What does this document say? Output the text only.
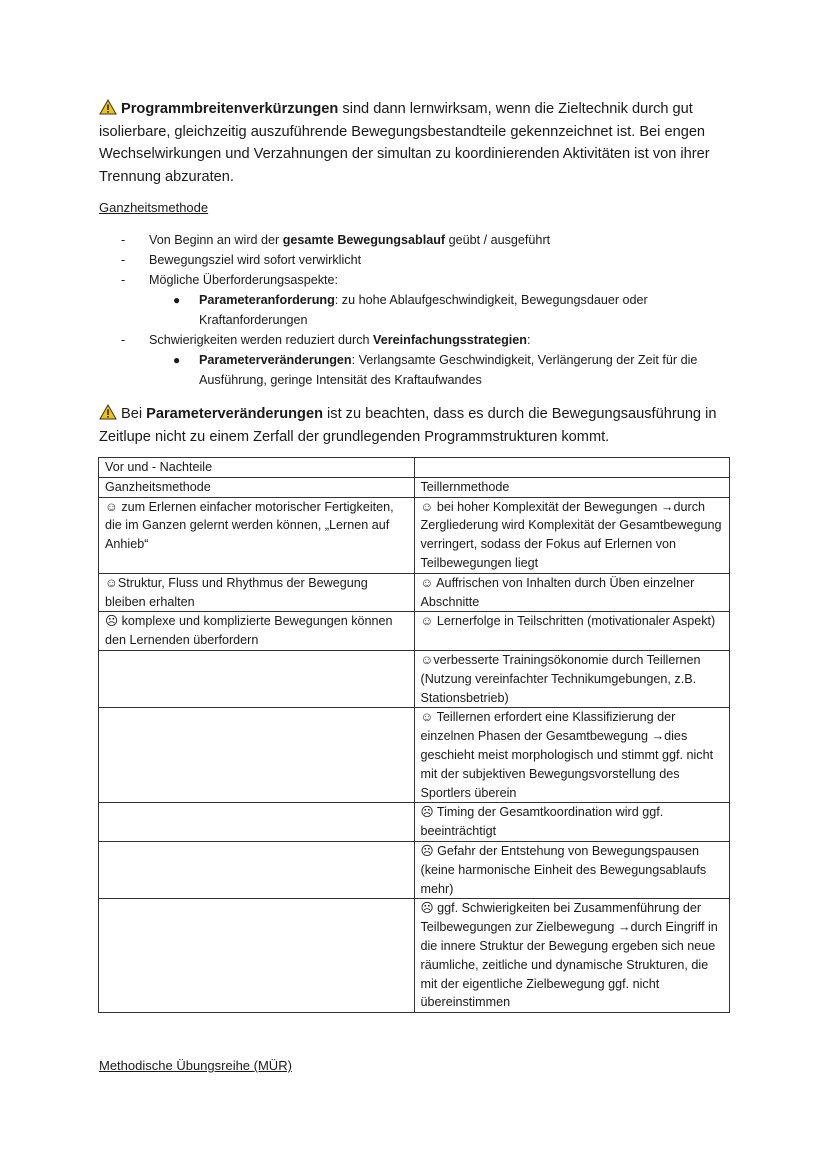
Programmbreitenverkürzungen sind dann lernwirksam, wenn die Zieltechnik durch gut isolierbare, gleichzeitig auszuführende Bewegungsbestandteile gekennzeichnet ist. Bei engen Wechselwirkungen und Verzahnungen der simultan zu koordinierenden Aktivitäten ist von ihrer Trennung abzuraten.

Ganzheitsmethode

- Von Beginn an wird der gesamte Bewegungsablauf geübt / ausgeführt
- Bewegungsziel wird sofort verwirklicht
- Mögliche Überforderungsaspekte:
● Parameteranforderung: zu hohe Ablaufgeschwindigkeit, Bewegungsdauer oder Kraftanforderungen
- Schwierigkeiten werden reduziert durch Vereinfachungsstrategien:
● Parameterveränderungen: Verlangsamte Geschwindigkeit, Verlängerung der Zeit für die Ausführung, geringe Intensität des Kraftaufwandes

Bei Parameterveränderungen ist zu beachten, dass es durch die Bewegungsausführung in Zeitlupe nicht zu einem Zerfall der grundlegenden Programmstrukturen kommt.

Vor und - Nachteile	
Ganzheitsmethode	Teillernmethode
☺ zum Erlernen einfacher motorischer Fertigkeiten, die im Ganzen gelernt werden können, „Lernen auf Anhieb“	☺ bei hoher Komplexität der Bewegungen →durch Zergliederung wird Komplexität der Gesamtbewegung verringert, sodass der Fokus auf Erlernen von Teilbewegungen liegt
☺Struktur, Fluss und Rhythmus der Bewegung bleiben erhalten	☺ Auffrischen von Inhalten durch Üben einzelner Abschnitte
☹ komplexe und komplizierte Bewegungen können den Lernenden überfordern	☺ Lernerfolge in Teilschritten (motivationaler Aspekt)
	☺verbesserte Trainingsökonomie durch Teillernen (Nutzung vereinfachter Technikumgebungen, z.B. Stationsbetrieb)
	☺ Teillernen erfordert eine Klassifizierung der einzelnen Phasen der Gesamtbewegung →dies geschieht meist morphologisch und stimmt ggf. nicht mit der subjektiven Bewegungsvorstellung des Sportlers überein
	☹ Timing der Gesamtkoordination wird ggf. beeinträchtigt
	☹ Gefahr der Entstehung von Bewegungspausen (keine harmonische Einheit des Bewegungsablaufs mehr)
	☹ ggf. Schwierigkeiten bei Zusammenführung der Teilbewegungen zur Zielbewegung →durch Eingriff in die innere Struktur der Bewegung ergeben sich neue räumliche, zeitliche und dynamische Strukturen, die mit der eigentliche Zielbewegung ggf. nicht übereinstimmen

Methodische Übungsreihe (MÜR)
